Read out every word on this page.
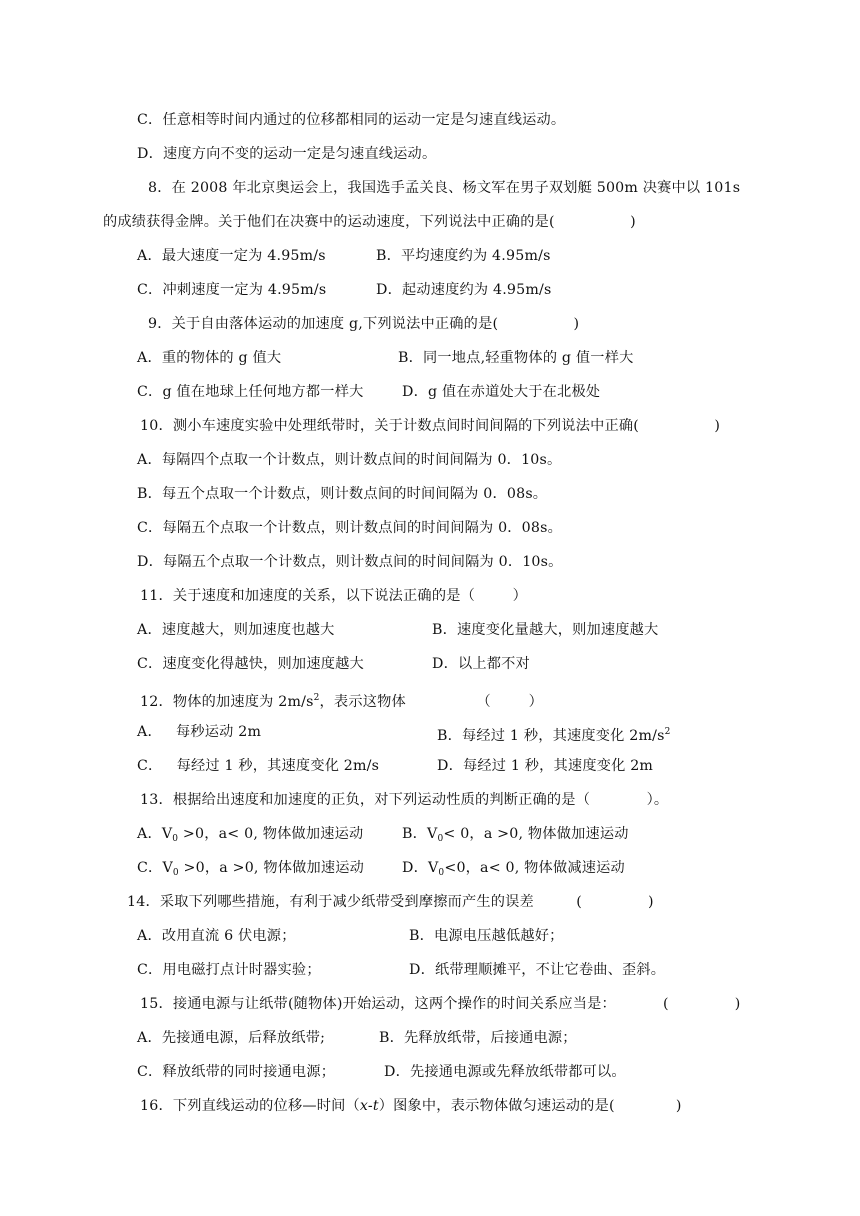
C．任意相等时间内通过的位移都相同的运动一定是匀速直线运动。
D．速度方向不变的运动一定是匀速直线运动。
8．在 2008 年北京奥运会上，我国选手孟关良、杨文军在男子双划艇 500m 决赛中以 101s
的成绩获得金牌。关于他们在决赛中的运动速度，下列说法中正确的是(                )
A．最大速度一定为 4.95m/s	B．平均速度约为 4.95m/s
C．冲刺速度一定为 4.95m/s	D．起动速度约为 4.95m/s
9．关于自由落体运动的加速度 g,下列说法中正确的是(                )
A．重的物体的 g 值大	B．同一地点,轻重物体的 g 值一样大
C．g 值在地球上任何地方都一样大	D．g 值在赤道处大于在北极处
10．测小车速度实验中处理纸带时，关于计数点间时间间隔的下列说法中正确(                )
A．每隔四个点取一个计数点，则计数点间的时间间隔为 0．10s。
B．每五个点取一个计数点，则计数点间的时间间隔为 0．08s。
C．每隔五个点取一个计数点，则计数点间的时间间隔为 0．08s。
D．每隔五个点取一个计数点，则计数点间的时间间隔为 0．10s。
11．关于速度和加速度的关系，以下说法正确的是（        ）
A．速度越大，则加速度也越大	B．速度变化量越大，则加速度越大
C．速度变化得越快，则加速度越大	D．以上都不对
12．物体的加速度为 $2m/s^2$，表示这物体               （        ）
A．   每秒运动 2m	B．每经过 1 秒，其速度变化 $2m/s^2$
C．   每经过 1 秒，其速度变化 2m/s	D．每经过 1 秒，其速度变化 2m
13．根据给出速度和加速度的正负，对下列运动性质的判断正确的是（            ）。
A．$V_0 >0$，a< 0, 物体做加速运动	B．$V_0< 0$，a >0, 物体做加速运动
C．$V_0 >0$，a >0, 物体做加速运动	D．$V_0<0$，a< 0, 物体做减速运动
14．采取下列哪些措施，有利于减少纸带受到摩擦而产生的误差         (              )
A．改用直流 6 伏电源；	B．电源电压越低越好；
C．用电磁打点计时器实验；	D．纸带理顺摊平，不让它卷曲、歪斜。
15．接通电源与让纸带(随物体)开始运动，这两个操作的时间关系应当是：          (              )
A．先接通电源，后释放纸带;	B．先释放纸带，后接通电源；
C．释放纸带的同时接通电源；	D．先接通电源或先释放纸带都可以。
16．下列直线运动的位移—时间（x-t）图象中，表示物体做匀速运动的是(             )
